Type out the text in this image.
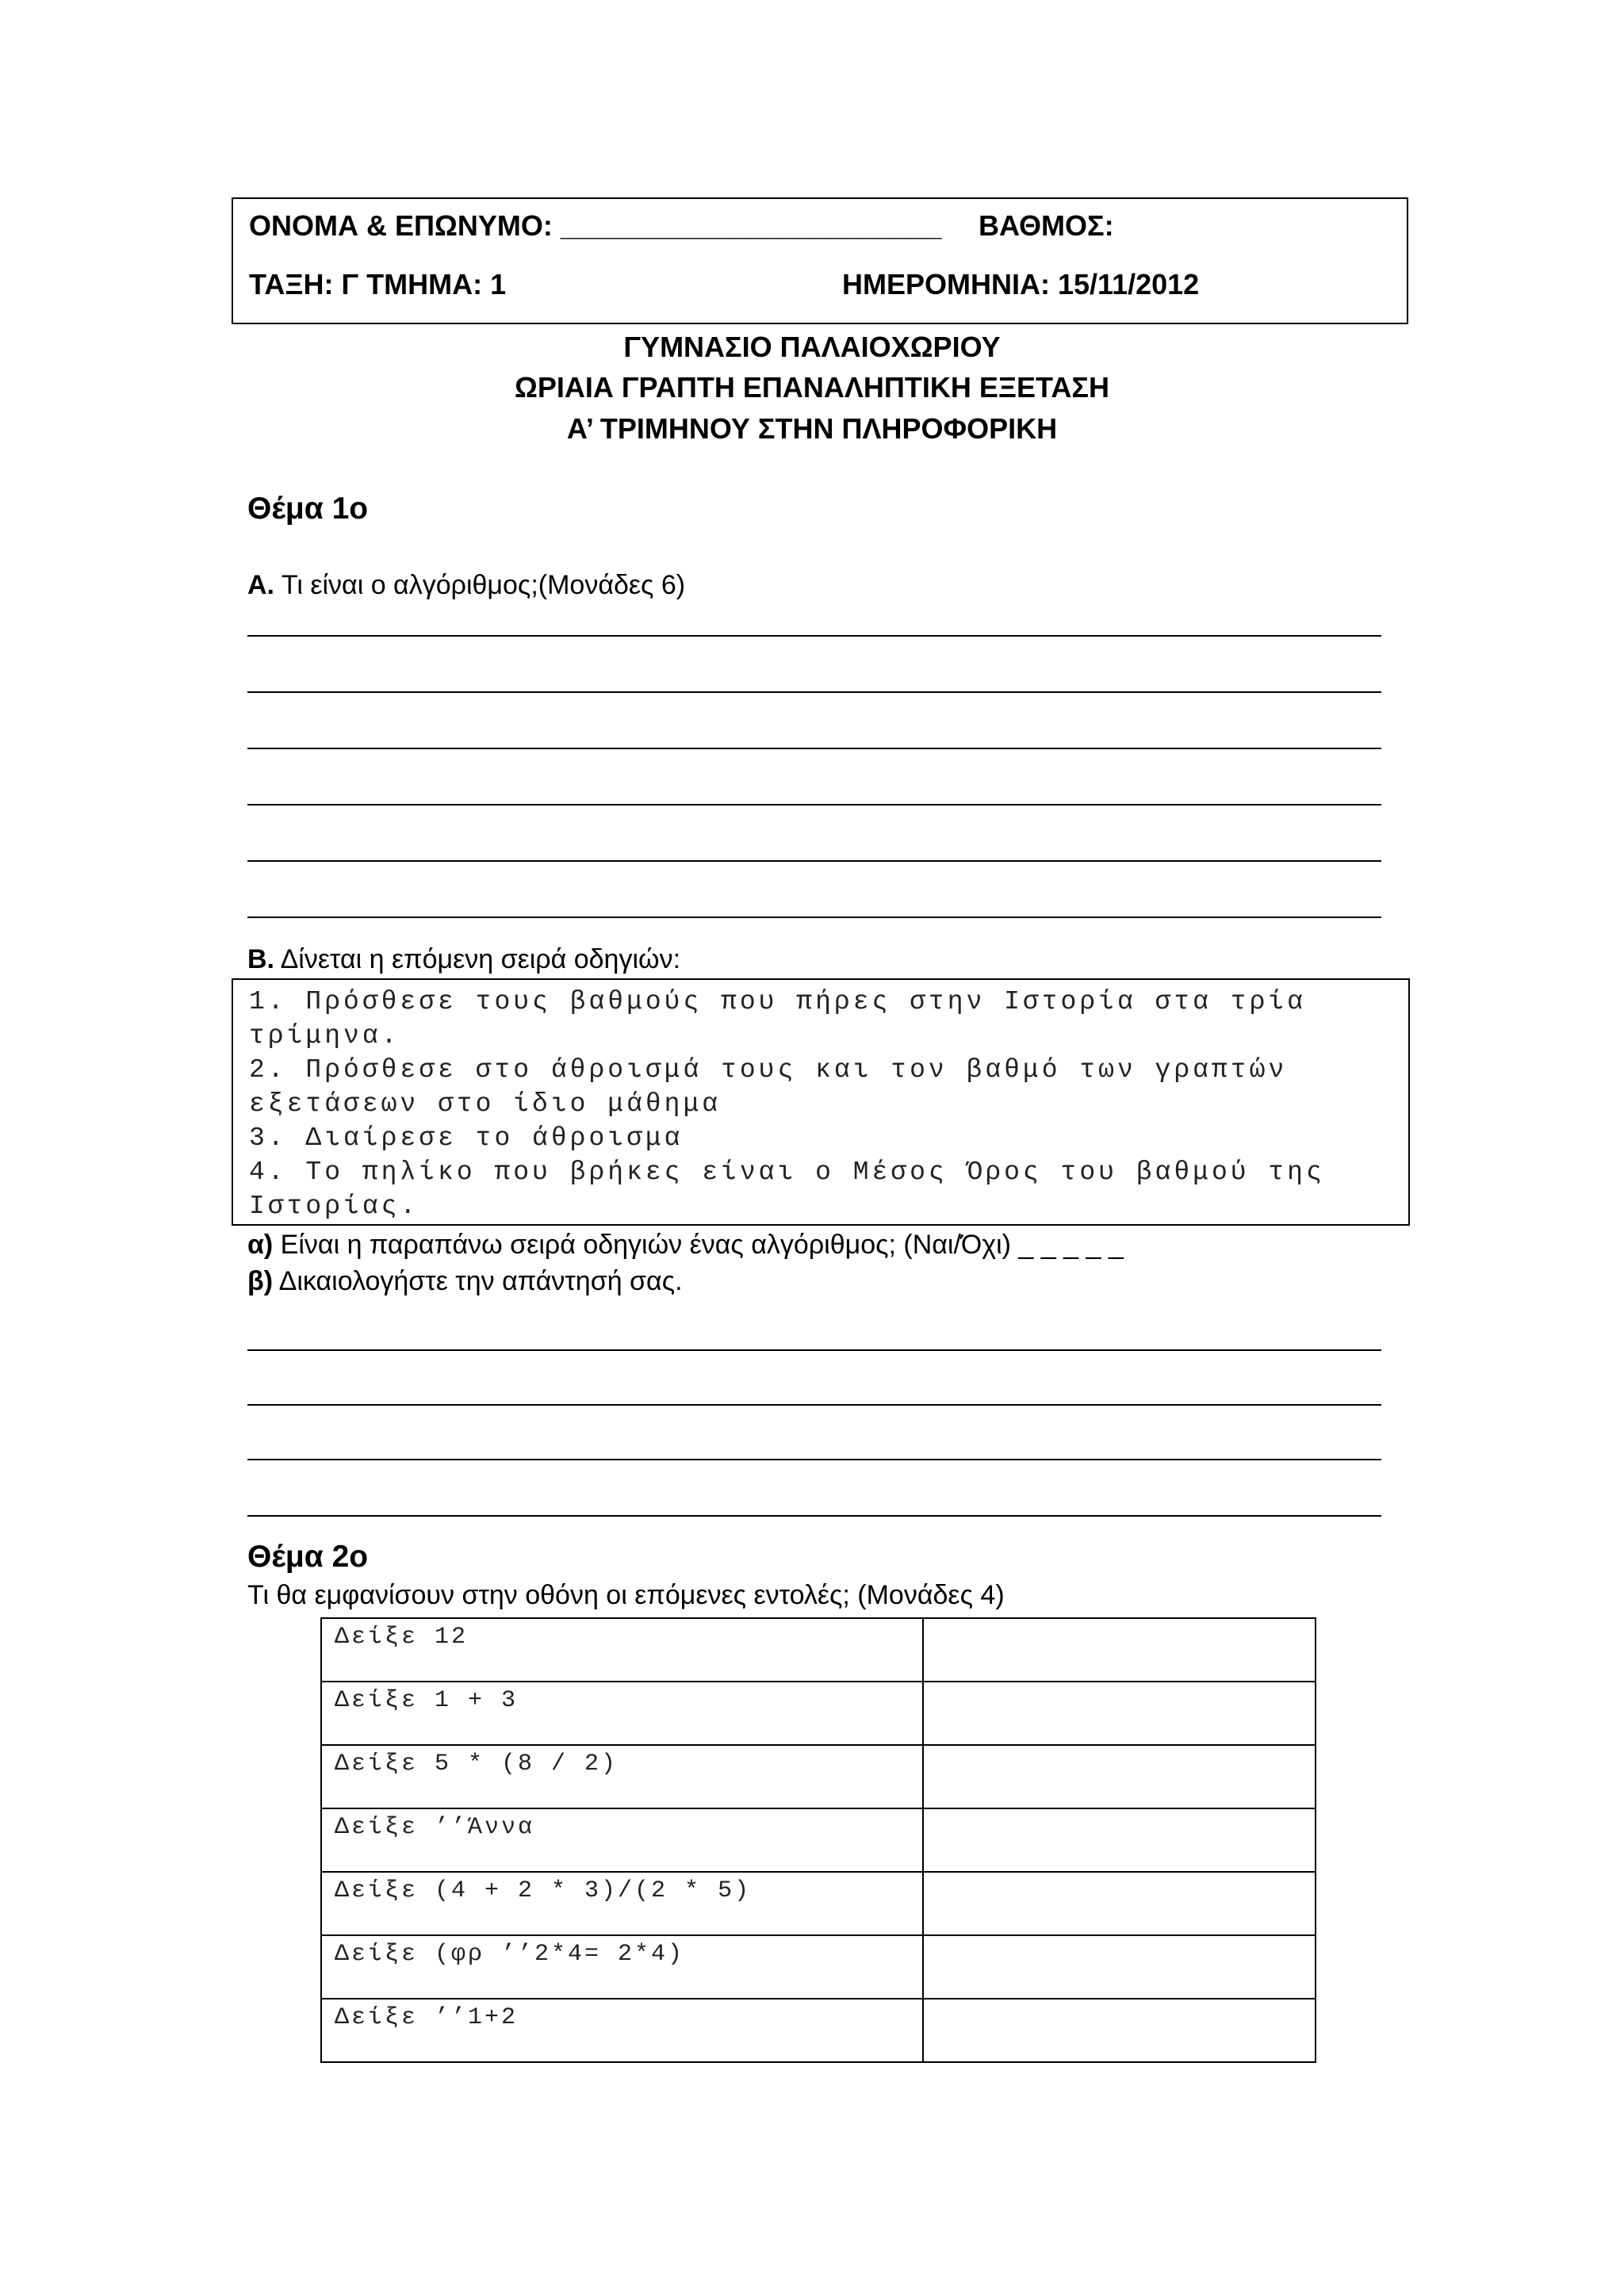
ΟΝΟΜΑ & ΕΠΩΝΥΜΟ: ________________________ ΒΑΘΜΟΣ:
ΤΑΞΗ: Γ ΤΜΗΜΑ: 1	ΗΜΕΡΟΜΗΝΙΑ: 15/11/2012
ΓΥΜΝΑΣΙΟ ΠΑΛΑΙΟΧΩΡΙΟΥ
ΩΡΙΑΙΑ ΓΡΑΠΤΗ ΕΠΑΝΑΛΗΠΤΙΚΗ ΕΞΕΤΑΣΗ
Α’ ΤΡΙΜΗΝΟΥ ΣΤΗΝ ΠΛΗΡΟΦΟΡΙΚΗ
Θέμα 1ο
Α. Τι είναι ο αλγόριθμος;(Μονάδες 6)
Β. Δίνεται η επόμενη σειρά οδηγιών:
1. Πρόσθεσε τους βαθμούς που πήρες στην Ιστορία στα τρία
τρίμηνα.
2. Πρόσθεσε στο άθροισμά τους και τον βαθμό των γραπτών
εξετάσεων στο ίδιο μάθημα
3. Διαίρεσε το άθροισμα
4. Το πηλίκο που βρήκες είναι ο Μέσος Όρος του βαθμού της
Ιστορίας.
α) Είναι η παραπάνω σειρά οδηγιών ένας αλγόριθμος; (Ναι/Όχι) _ _ _ _ _
β) Δικαιολογήστε την απάντησή σας.
Θέμα 2ο
Τι θα εμφανίσουν στην οθόνη οι επόμενες εντολές; (Μονάδες 4)
Δείξε 12	
Δείξε 1 + 3	
Δείξε 5 * (8 / 2)	
Δείξε ’’Άννα	
Δείξε (4 + 2 * 3)/(2 * 5)	
Δείξε (φρ ’’2*4= 2*4)	
Δείξε ’’1+2	
